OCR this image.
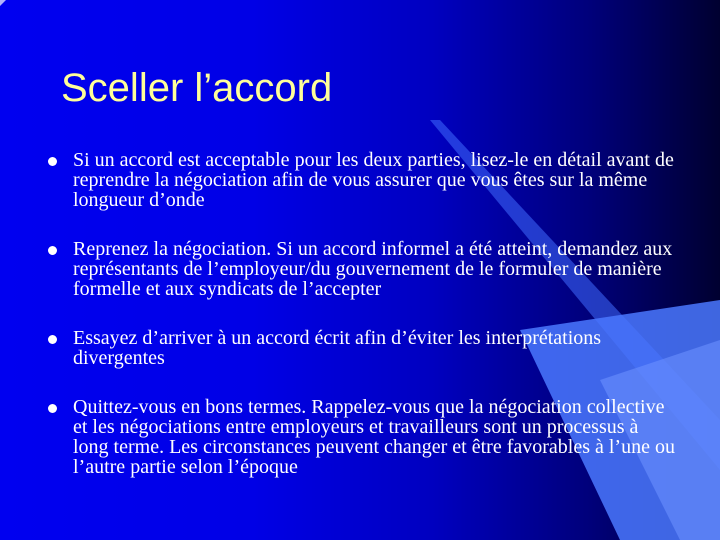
Sceller l’accord
Si un accord est acceptable pour les deux parties, lisez-le en détail avant de reprendre la négociation afin de vous assurer que vous êtes sur la même longueur d’onde
Reprenez la négociation. Si un accord informel a été atteint, demandez aux représentants de l’employeur/du gouvernement de le formuler de manière formelle et aux syndicats de l’accepter
Essayez d’arriver à un accord écrit afin d’éviter les interprétations divergentes
Quittez-vous en bons termes. Rappelez-vous que la négociation collective et les négociations entre employeurs et travailleurs sont un processus à long terme. Les circonstances peuvent changer et être favorables à l’une ou l’autre partie selon l’époque
